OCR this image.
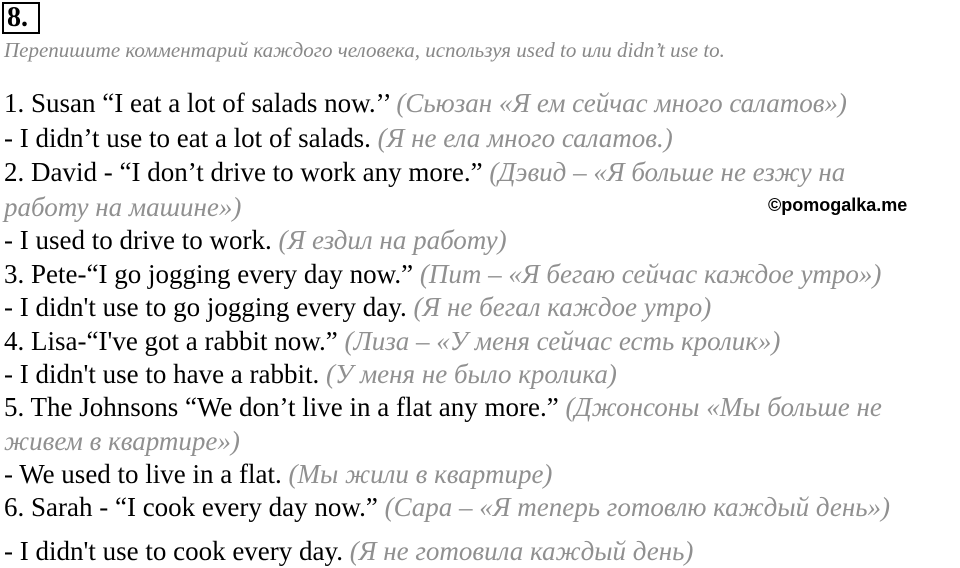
8.
Перепишите комментарий каждого человека, используя used to или didn’t use to.
1. Susan “I eat a lot of salads now.’’ (Сьюзан «Я ем сейчас много салатов»)
- I didn’t use to eat a lot of salads. (Я не ела много салатов.)
2. David - “I don’t drive to work any more.” (Дэвид – «Я больше не езжу на
работу на машине»)
- I used to drive to work. (Я ездил на работу)
3. Pete-“I go jogging every day now.” (Пит – «Я бегаю сейчас каждое утро»)
- I didn't use to go jogging every day. (Я не бегал каждое утро)
4. Lisa-“I've got a rabbit now.” (Лиза – «У меня сейчас есть кролик»)
- I didn't use to have a rabbit. (У меня не было кролика)
5. The Johnsons “We don’t live in a flat any more.” (Джонсоны «Мы больше не
живем в квартире»)
- We used to live in a flat. (Мы жили в квартире)
6. Sarah - “I cook every day now.” (Сара – «Я теперь готовлю каждый день»)
- I didn't use to cook every day. (Я не готовила каждый день)
©pomogalka.me
